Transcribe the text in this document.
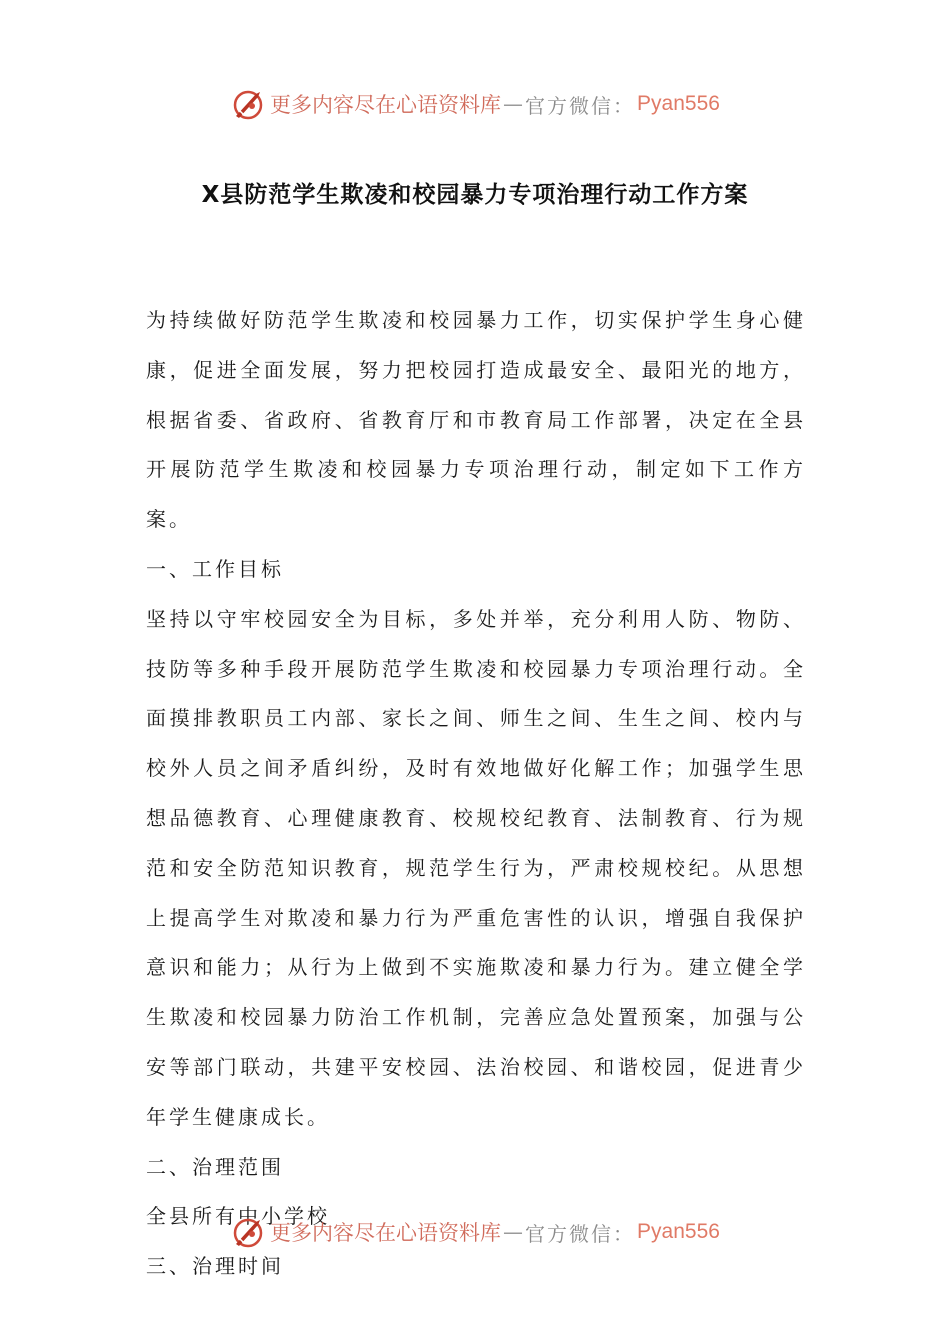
更多内容尽在心语资料库 — 官方微信： Pyan556
X县防范学生欺凌和校园暴力专项治理行动工作方案

为持续做好防范学生欺凌和校园暴力工作，切实保护学生身心健康，促进全面发展，努力把校园打造成最安全、最阳光的地方，根据省委、省政府、省教育厅和市教育局工作部署，决定在全县开展防范学生欺凌和校园暴力专项治理行动，制定如下工作方案。

一、工作目标

坚持以守牢校园安全为目标，多处并举，充分利用人防、物防、技防等多种手段开展防范学生欺凌和校园暴力专项治理行动。全面摸排教职员工内部、家长之间、师生之间、生生之间、校内与校外人员之间矛盾纠纷，及时有效地做好化解工作；加强学生思想品德教育、心理健康教育、校规校纪教育、法制教育、行为规范和安全防范知识教育，规范学生行为，严肃校规校纪。从思想上提高学生对欺凌和暴力行为严重危害性的认识，增强自我保护意识和能力；从行为上做到不实施欺凌和暴力行为。建立健全学生欺凌和校园暴力防治工作机制，完善应急处置预案，加强与公安等部门联动，共建平安校园、法治校园、和谐校园，促进青少年学生健康成长。

二、治理范围

全县所有中小学校

三、治理时间

更多内容尽在心语资料库 — 官方微信： Pyan556
